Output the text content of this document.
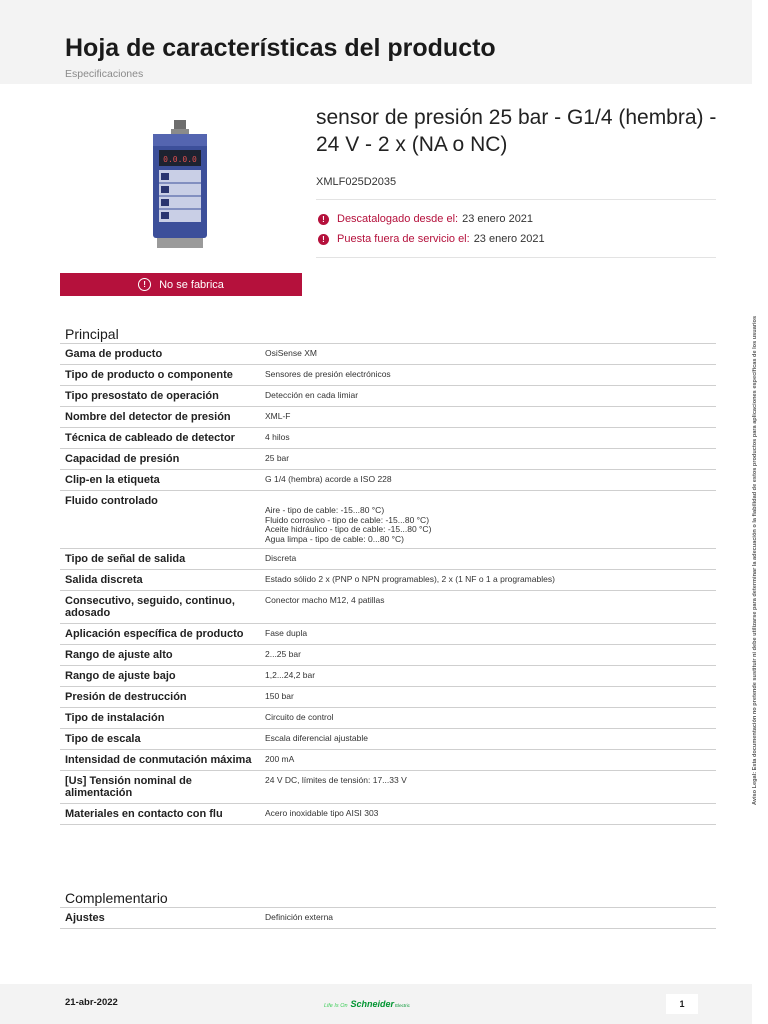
Hoja de características del producto
Especificaciones
0.0.0.0
sensor de presión 25 bar - G1/4 (hembra) - 24 V - 2 x (NA o NC)
XMLF025D2035
!	Descatalogado desde el: 23 enero 2021
!	Puesta fuera de servicio el: 23 enero 2021
!	No se fabrica
Principal
Gama de producto	OsiSense XM

Tipo de producto o componente	Sensores de presión electrónicos

Tipo presostato de operación	Detección en cada limiar

Nombre del detector de presión	XML-F

Técnica de cableado de detector	4 hilos

Capacidad de presión	25 bar

Clip-en la etiqueta	G 1/4 (hembra) acorde a ISO 228

Fluido controlado	Aire - tipo de cable: -15...80 °C)
Fluido corrosivo - tipo de cable: -15...80 °C)
Aceite hidráulico - tipo de cable: -15...80 °C)
Agua limpa - tipo de cable: 0...80 °C)

Tipo de señal de salida	Discreta

Salida discreta	Estado sólido 2 x (PNP o NPN programables), 2 x (1 NF o 1 a programables)

Consecutivo, seguido, continuo, adosado	Conector macho M12, 4 patillas

Aplicación específica de producto	Fase dupla

Rango de ajuste alto	2...25 bar

Rango de ajuste bajo	1,2...24,2 bar

Presión de destrucción	150 bar

Tipo de instalación	Circuito de control

Tipo de escala	Escala diferencial ajustable

Intensidad de conmutación máxima	200 mA

[Us] Tensión nominal de alimentación	24 V DC, límites de tensión: 17...33 V

Materiales en contacto con flu	Acero inoxidable tipo AISI 303
Complementario
Ajustes	Definición externa
Aviso Legal: Esta documentación no pretende sustituir ni debe utilizarse para determinar la adecuación o la fiabilidad de estos productos para aplicaciones específicas de los usuarios
21-abr-2022	Life Is On Schneider Electric	1
